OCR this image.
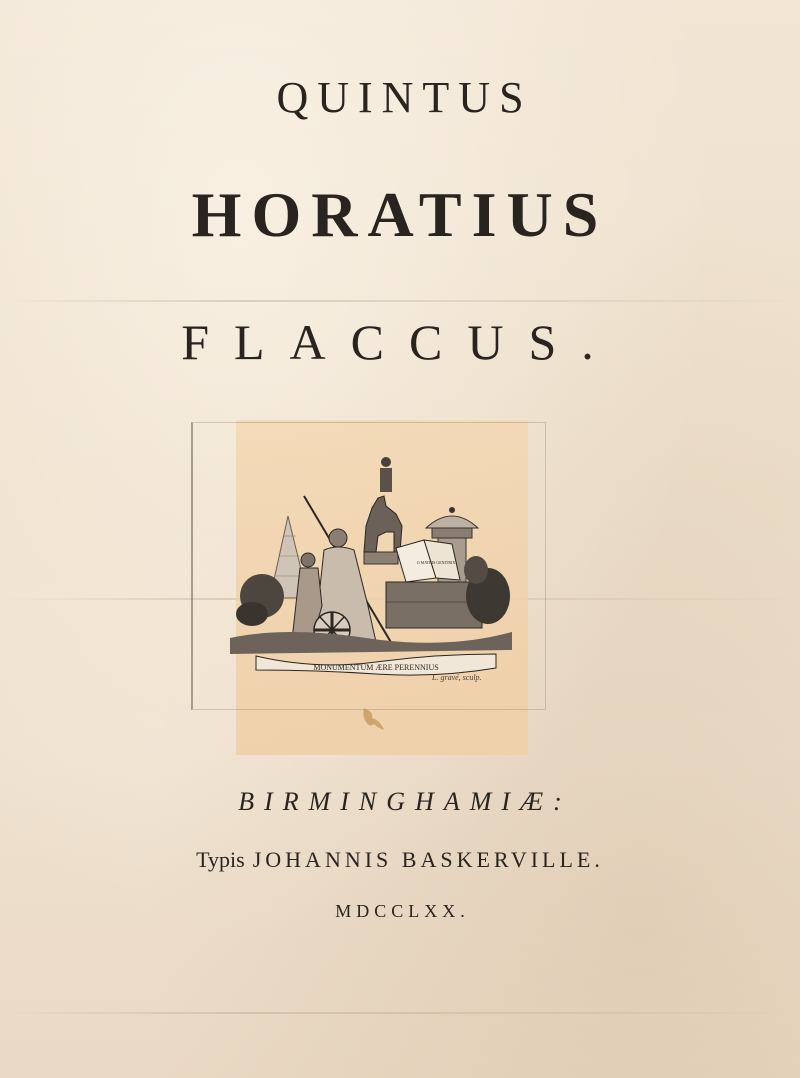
QUINTUS
HORATIUS
FLACCUS.
L. gravé, sculp.
BIRMINGHAMIÆ:
Typis JOHANNIS BASKERVILLE.
MDCCLXX.
MONUMENTUM ÆRE PERENNIUS
O MATRIS GENITRIX
